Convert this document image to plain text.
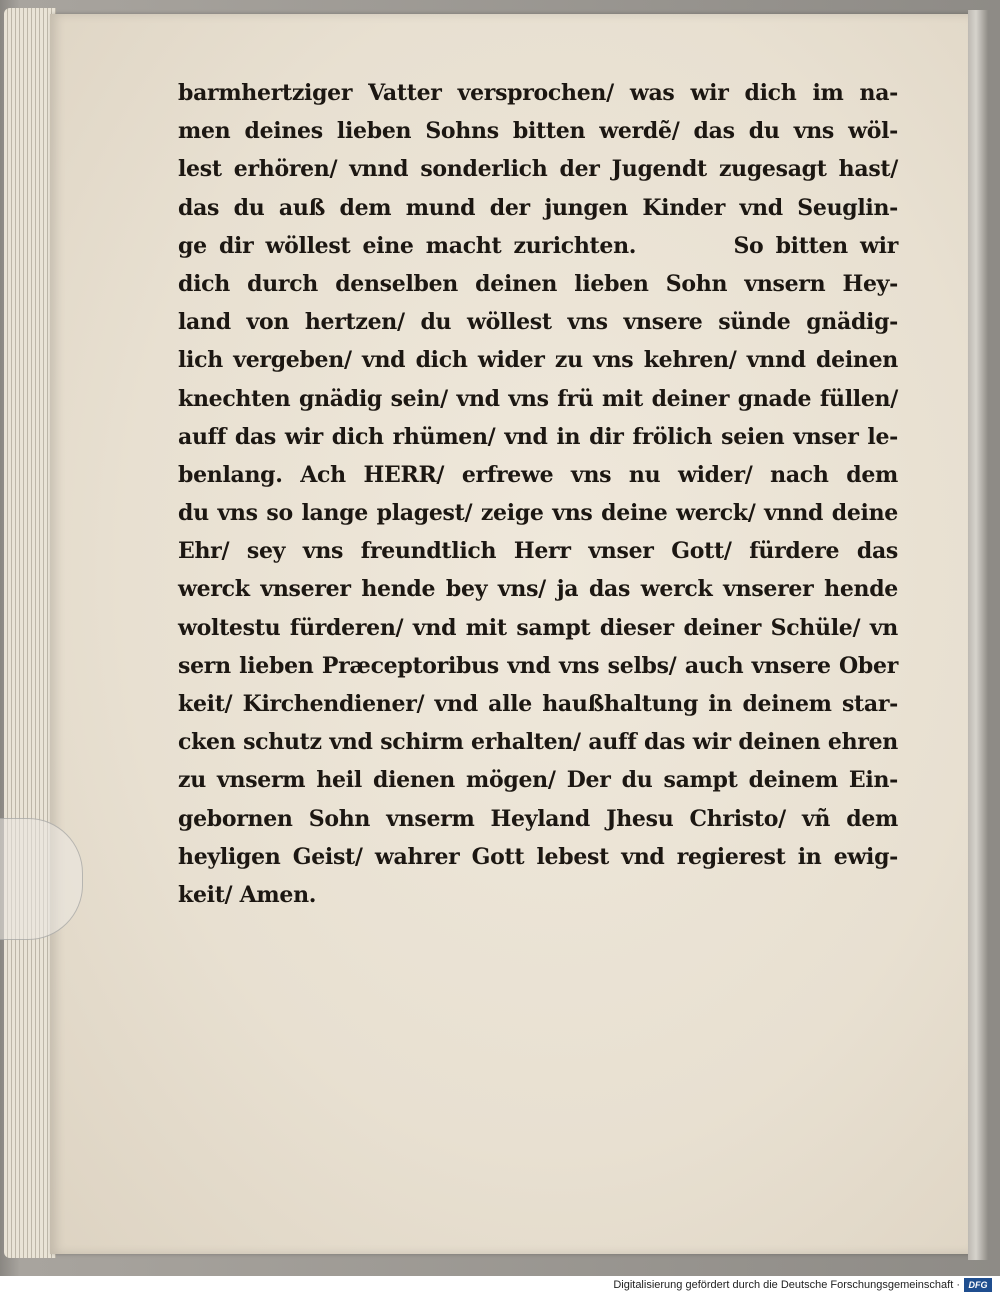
barmhertziger Vatter versprochen/ was wir dich im na-
men deines lieben Sohns bitten werdẽ/ das du vns wöl-
lest erhören/ vnnd sonderlich der Jugendt zugesagt hast/
das du auß dem mund der jungen Kinder vnd Seuglin-
ge dir wöllest eine macht zurichten.        So bitten wir
dich durch denselben deinen lieben Sohn vnsern Hey-
land von hertzen/ du wöllest vns vnsere sünde gnädig-
lich vergeben/ vnd dich wider zu vns kehren/ vnnd deinen
knechten gnädig sein/ vnd vns frü mit deiner gnade füllen/
auff das wir dich rhümen/ vnd in dir frölich seien vnser le-
benlang. Ach HERR/ erfrewe vns nu wider/ nach dem
du vns so lange plagest/ zeige vns deine werck/ vnnd deine
Ehr/ sey vns freundtlich Herr vnser Gott/ fürdere das
werck vnserer hende bey vns/ ja das werck vnserer hende
woltestu fürderen/ vnd mit sampt dieser deiner Schüle/ vn
sern lieben Præceptoribus vnd vns selbs/ auch vnsere Ober
keit/ Kirchendiener/ vnd alle haußhaltung in deinem star-
cken schutz vnd schirm erhalten/ auff das wir deinen ehren
zu vnserm heil dienen mögen/ Der du sampt deinem Ein-
gebornen Sohn vnserm Heyland Jhesu Christo/ vñ dem
heyligen Geist/ wahrer Gott lebest vnd regierest in ewig-
keit/ Amen.
Digitalisierung gefördert durch die Deutsche Forschungsgemeinschaft · DFG
